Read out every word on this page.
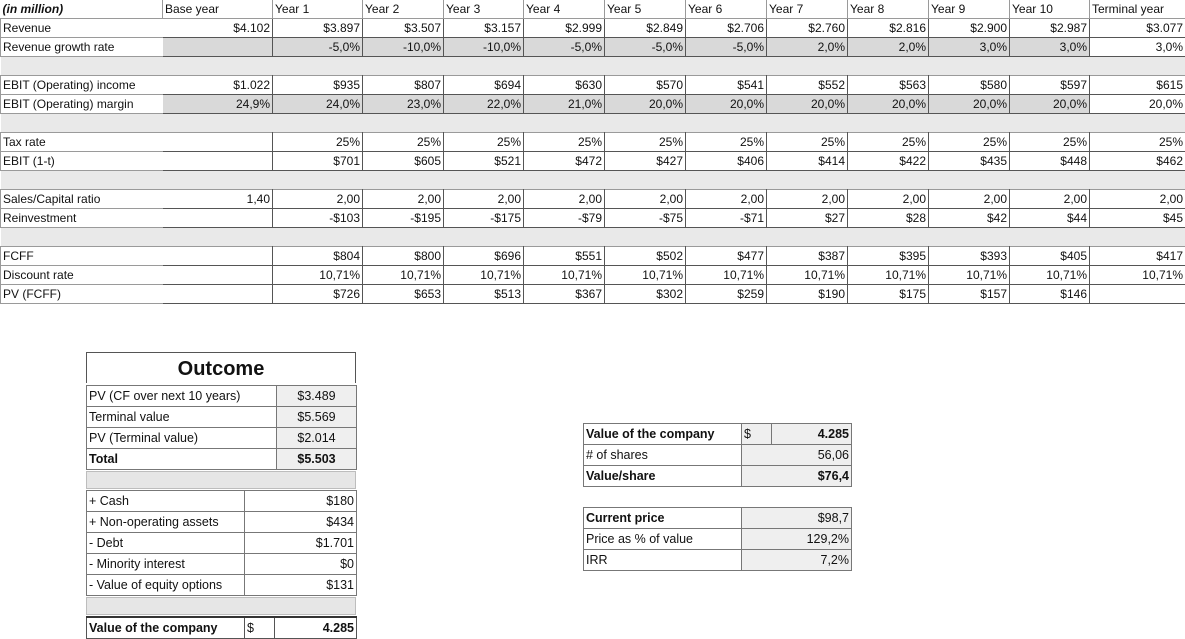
(in million)	Base year	Year 1	Year 2	Year 3	Year 4	Year 5	Year 6	Year 7	Year 8	Year 9	Year 10	Terminal year
Revenue	$4.102	$3.897	$3.507	$3.157	$2.999	$2.849	$2.706	$2.760	$2.816	$2.900	$2.987	$3.077
Revenue growth rate		-5,0%	-10,0%	-10,0%	-5,0%	-5,0%	-5,0%	2,0%	2,0%	3,0%	3,0%	3,0%

EBIT (Operating) income	$1.022	$935	$807	$694	$630	$570	$541	$552	$563	$580	$597	$615
EBIT (Operating) margin	24,9%	24,0%	23,0%	22,0%	21,0%	20,0%	20,0%	20,0%	20,0%	20,0%	20,0%	20,0%

Tax rate		25%	25%	25%	25%	25%	25%	25%	25%	25%	25%	25%
EBIT (1-t)		$701	$605	$521	$472	$427	$406	$414	$422	$435	$448	$462

Sales/Capital ratio	1,40	2,00	2,00	2,00	2,00	2,00	2,00	2,00	2,00	2,00	2,00	2,00
Reinvestment		-$103	-$195	-$175	-$79	-$75	-$71	$27	$28	$42	$44	$45

FCFF		$804	$800	$696	$551	$502	$477	$387	$395	$393	$405	$417
Discount rate		10,71%	10,71%	10,71%	10,71%	10,71%	10,71%	10,71%	10,71%	10,71%	10,71%	10,71%
PV (FCFF)		$726	$653	$513	$367	$302	$259	$190	$175	$157	$146	
Outcome
PV (CF over next 10 years)	$3.489
Terminal value	$5.569
PV (Terminal value)	$2.014
Total	$5.503
+ Cash	$180
+ Non-operating assets	$434
- Debt	$1.701
- Minority interest	$0
- Value of equity options	$131
Value of the company	$	4.285
Value of the company	$	4.285
# of shares	56,06	
Value/share	$76,4	
Current price	$98,7
Price as % of value	129,2%
IRR	7,2%
